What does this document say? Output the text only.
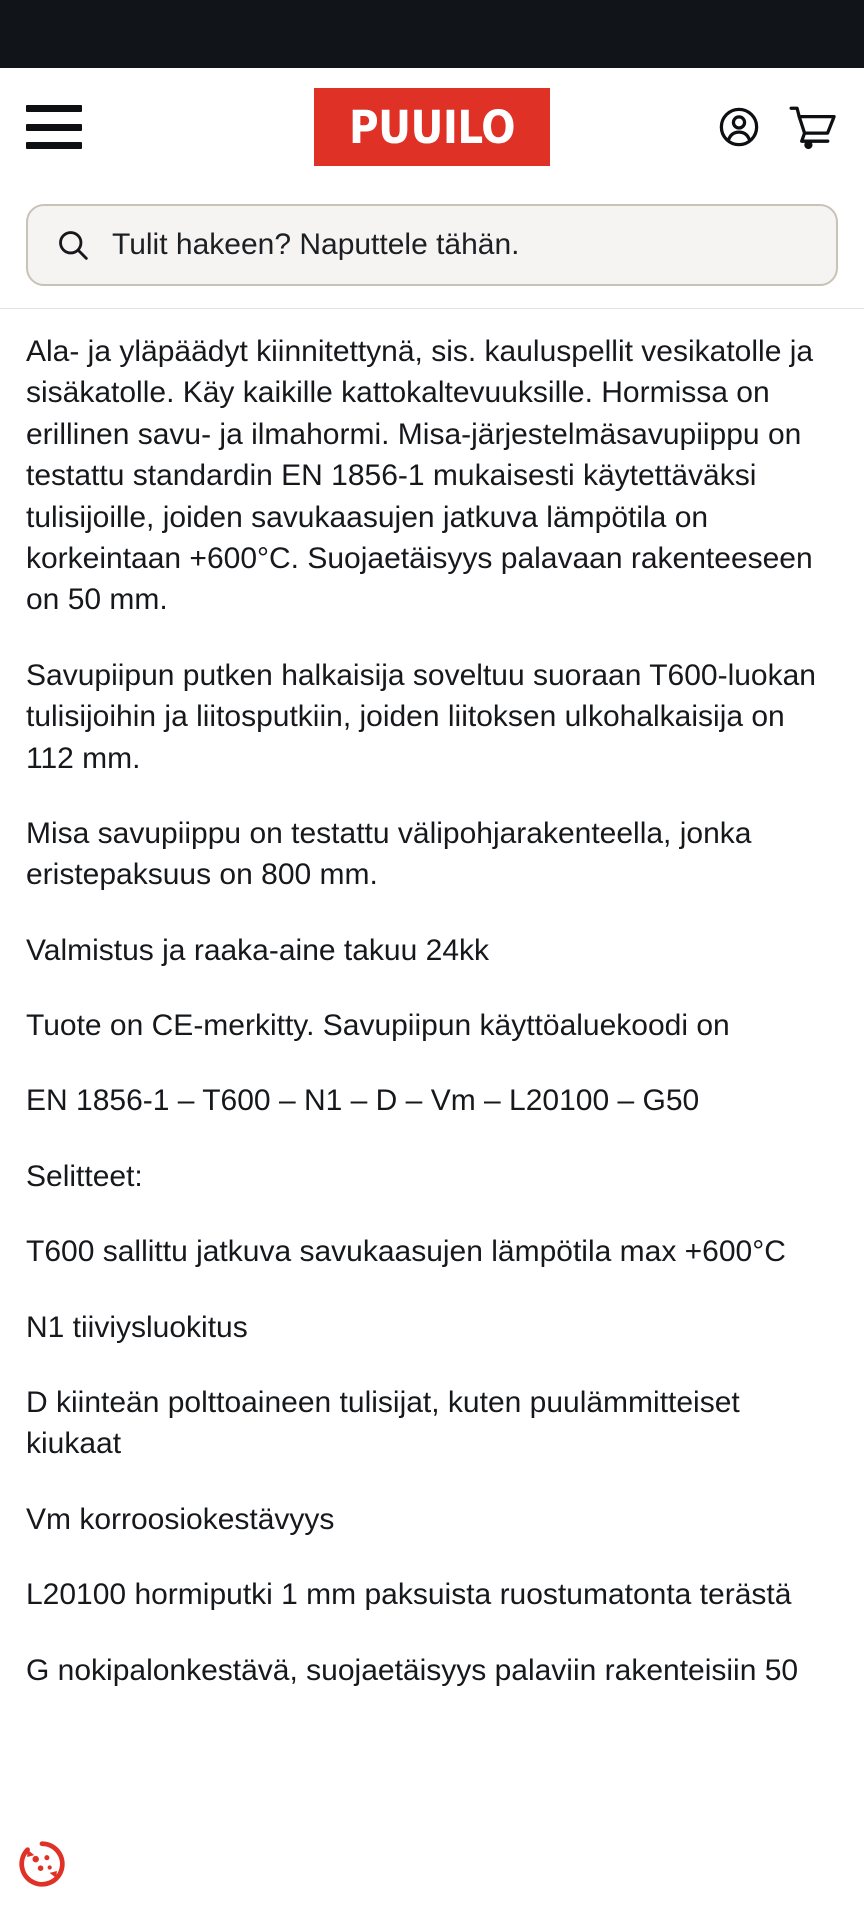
PUUILO
Tulit hakeen? Naputtele tähän.

Ala- ja yläpäädyt kiinnitettynä, sis. kauluspellit vesikatolle ja sisäkatolle. Käy kaikille kattokaltevuuksille. Hormissa on erillinen savu- ja ilmahormi. Misa-järjestelmäsavupiippu on testattu standardin EN 1856-1 mukaisesti käytettäväksi tulisijoille, joiden savukaasujen jatkuva lämpötila on korkeintaan +600°C. Suojaetäisyys palavaan rakenteeseen on 50 mm.

Savupiipun putken halkaisija soveltuu suoraan T600-luokan tulisijoihin ja liitosputkiin, joiden liitoksen ulkohalkaisija on 112 mm.

Misa savupiippu on testattu välipohjarakenteella, jonka eristepaksuus on 800 mm.

Valmistus ja raaka-aine takuu 24kk

Tuote on CE-merkitty. Savupiipun käyttöaluekoodi on

EN 1856-1 – T600 – N1 – D – Vm – L20100 – G50

Selitteet:

T600 sallittu jatkuva savukaasujen lämpötila max +600°C

N1 tiiviysluokitus

D kiinteän polttoaineen tulisijat, kuten puulämmitteiset kiukaat

Vm korroosiokestävyys

L20100 hormiputki 1 mm paksuista ruostumatonta terästä

G nokipalonkestävä, suojaetäisyys palaviin rakenteisiin 50
